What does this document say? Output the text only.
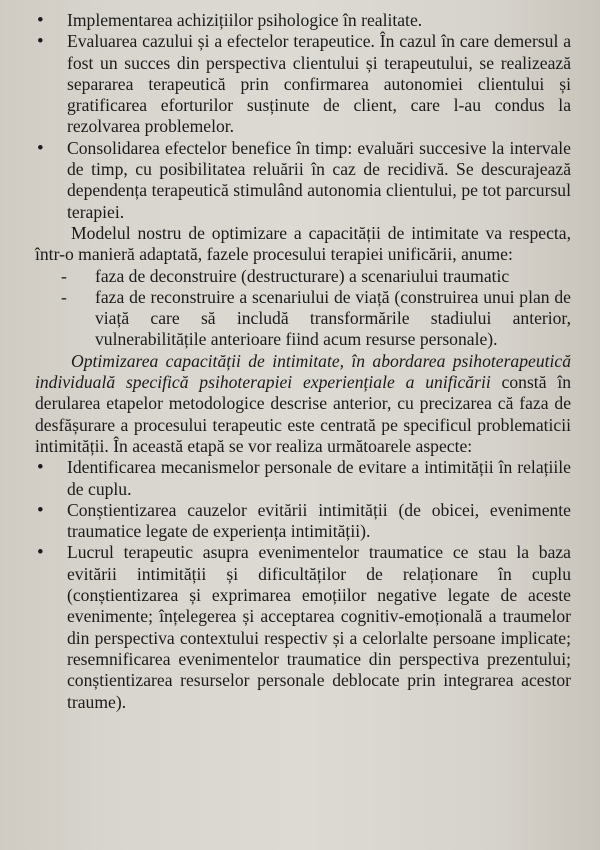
• Implementarea achizițiilor psihologice în realitate.
• Evaluarea cazului și a efectelor terapeutice. În cazul în care demersul a fost un succes din perspectiva clientului și terapeutului, se realizează separarea terapeutică prin confirmarea autonomiei clientului și gratificarea eforturilor susținute de client, care l-au condus la rezolvarea problemelor.
• Consolidarea efectelor benefice în timp: evaluări succesive la intervale de timp, cu posibilitatea reluării în caz de recidivă. Se descurajează dependența terapeutică stimulând autonomia clientului, pe tot parcursul terapiei.

Modelul nostru de optimizare a capacității de intimitate va respecta, într-o manieră adaptată, fazele procesului terapiei unificării, anume:

- faza de deconstruire (destructurare) a scenariului traumatic
- faza de reconstruire a scenariului de viață (construirea unui plan de viață care să includă transformările stadiului anterior, vulnerabilitățile anterioare fiind acum resurse personale).

Optimizarea capacității de intimitate, în abordarea psihoterapeutică individuală specifică psihoterapiei experiențiale a unificării constă în derularea etapelor metodologice descrise anterior, cu precizarea că faza de desfășurare a procesului terapeutic este centrată pe specificul problematicii intimității. În această etapă se vor realiza următoarele aspecte:

• Identificarea mecanismelor personale de evitare a intimității în relațiile de cuplu.
• Conștientizarea cauzelor evitării intimității (de obicei, evenimente traumatice legate de experiența intimității).
• Lucrul terapeutic asupra evenimentelor traumatice ce stau la baza evitării intimității și dificultăților de relaționare în cuplu (conștientizarea și exprimarea emoțiilor negative legate de aceste evenimente; înțelegerea și acceptarea cognitiv-emoțională a traumelor din perspectiva contextului respectiv și a celorlalte persoane implicate; resemnificarea evenimentelor traumatice din perspectiva prezentului; conștientizarea resurselor personale deblocate prin integrarea acestor traume).
